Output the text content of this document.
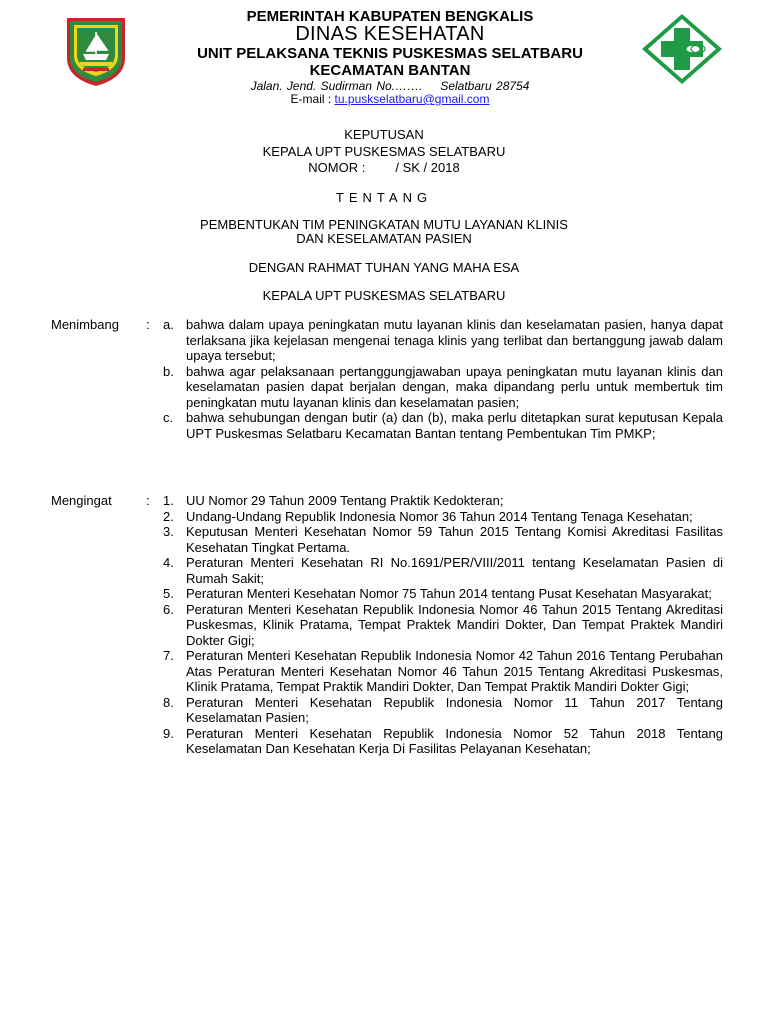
PEMERINTAH KABUPATEN BENGKALIS
DINAS KESEHATAN
UNIT PELAKSANA TEKNIS PUSKESMAS SELATBARU
KECAMATAN BANTAN
Jalan. Jend. Sudirman No.……. Selatbaru 28754
E-mail : tu.puskselatbaru@gmail.com
KEPUTUSAN
KEPALA UPT PUSKESMAS SELATBARU
NOMOR : / SK / 2018
TENTANG
PEMBENTUKAN TIM PENINGKATAN MUTU LAYANAN KLINIS
DAN KESELAMATAN PASIEN
DENGAN RAHMAT TUHAN YANG MAHA ESA
KEPALA UPT PUSKESMAS SELATBARU
Menimbang : a. bahwa dalam upaya peningkatan mutu layanan klinis dan keselamatan pasien, hanya dapat terlaksana jika kejelasan mengenai tenaga klinis yang terlibat dan bertanggung jawab dalam upaya tersebut;
b. bahwa agar pelaksanaan pertanggungjawaban upaya peningkatan mutu layanan klinis dan keselamatan pasien dapat berjalan dengan, maka dipandang perlu untuk membertuk tim peningkatan mutu layanan klinis dan keselamatan pasien;
c. bahwa sehubungan dengan butir (a) dan (b), maka perlu ditetapkan surat keputusan Kepala UPT Puskesmas Selatbaru Kecamatan Bantan tentang Pembentukan Tim PMKP;
Mengingat	: 1. UU Nomor 29 Tahun 2009 Tentang Praktik Kedokteran;
2. Undang-Undang Republik Indonesia Nomor 36 Tahun 2014 Tentang Tenaga Kesehatan;
3. Keputusan Menteri Kesehatan Nomor 59 Tahun 2015 Tentang Komisi Akreditasi Fasilitas Kesehatan Tingkat Pertama.
4. Peraturan Menteri Kesehatan RI No.1691/PER/VIII/2011 tentang Keselamatan Pasien di Rumah Sakit;
5. Peraturan Menteri Kesehatan Nomor 75 Tahun 2014 tentang Pusat Kesehatan Masyarakat;
6. Peraturan Menteri Kesehatan Republik Indonesia Nomor 46 Tahun 2015 Tentang Akreditasi Puskesmas, Klinik Pratama, Tempat Praktek Mandiri Dokter, Dan Tempat Praktek Mandiri Dokter Gigi;
7. Peraturan Menteri Kesehatan Republik Indonesia Nomor 42 Tahun 2016 Tentang Perubahan Atas Peraturan Menteri Kesehatan Nomor 46 Tahun 2015 Tentang Akreditasi Puskesmas, Klinik Pratama, Tempat Praktik Mandiri Dokter, Dan Tempat Praktik Mandiri Dokter Gigi;
8. Peraturan Menteri Kesehatan Republik Indonesia Nomor 11 Tahun 2017 Tentang Keselamatan Pasien;
9. Peraturan Menteri Kesehatan Republik Indonesia Nomor 52 Tahun 2018 Tentang Keselamatan Dan Kesehatan Kerja Di Fasilitas Pelayanan Kesehatan;
